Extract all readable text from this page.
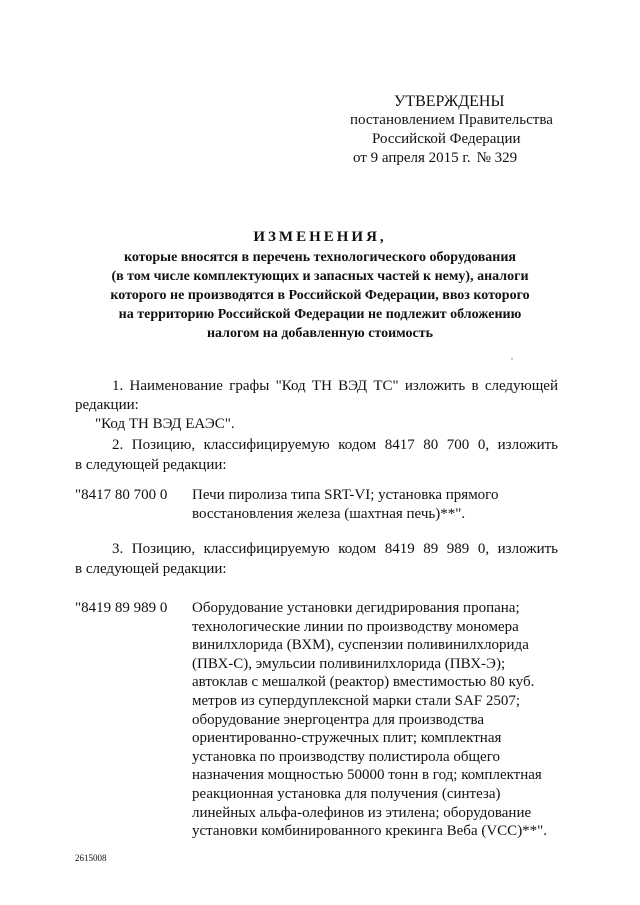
УТВЕРЖДЕНЫ
постановлением Правительства
Российской Федерации
от 9 апреля 2015 г. № 329
ИЗМЕНЕНИЯ,
которые вносятся в перечень технологического оборудования
(в том числе комплектующих и запасных частей к нему), аналоги
которого не производятся в Российской Федерации, ввоз которого
на территорию Российской Федерации не подлежит обложению
налогом на добавленную стоимость
1. Наименование графы "Код ТН ВЭД ТС" изложить в следующей
редакции:
"Код ТН ВЭД ЕАЭС".
2. Позицию, классифицируемую кодом 8417 80 700 0, изложить
в следующей редакции:
"8417 80 700 0 Печи пиролиза типа SRT-VI; установка прямого
восстановления железа (шахтная печь)**".
3. Позицию, классифицируемую кодом 8419 89 989 0, изложить
в следующей редакции:
"8419 89 989 0 Оборудование установки дегидрирования пропана;
технологические линии по производству мономера
винилхлорида (ВХМ), суспензии поливинилхлорида
(ПВХ-С), эмульсии поливинилхлорида (ПВХ-Э);
автоклав с мешалкой (реактор) вместимостью 80 куб.
метров из супердуплексной марки стали SAF 2507;
оборудование энергоцентра для производства
ориентированно-стружечных плит; комплектная
установка по производству полистирола общего
назначения мощностью 50000 тонн в год; комплектная
реакционная установка для получения (синтеза)
линейных альфа-олефинов из этилена; оборудование
установки комбинированного крекинга Веба (VCC)**".
2615008
